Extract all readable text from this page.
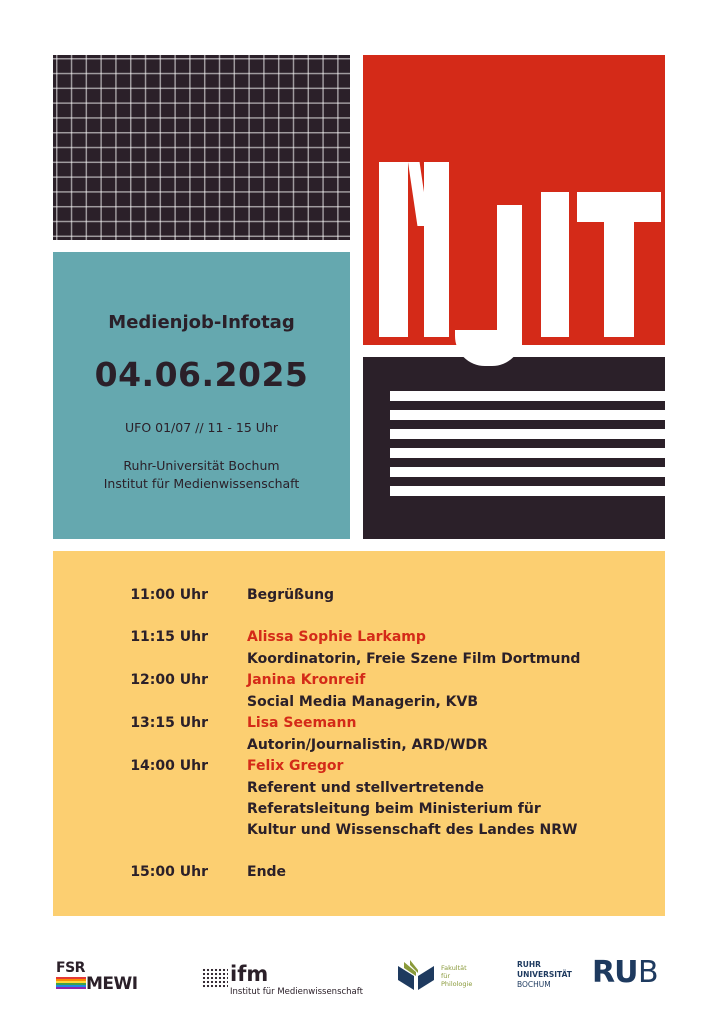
Medienjob-Infotag
04.06.2025
UFO 01/07 // 11 - 15 Uhr
Ruhr-Universität Bochum
Institut für Medienwissenschaft
11:00 Uhr	Begrüßung
11:15 Uhr	Alissa Sophie Larkamp
Koordinatorin, Freie Szene Film Dortmund
12:00 Uhr	Janina Kronreif
Social Media Managerin, KVB
13:15 Uhr	Lisa Seemann
Autorin/Journalistin, ARD/WDR
14:00 Uhr	Felix Gregor
Referent und stellvertretende
Referatsleitung beim Ministerium für
Kultur und Wissenschaft des Landes NRW
15:00 Uhr	Ende
FSR
MEWI	ifm
Institut für Medienwissenschaft
Fakultät
für
Philologie
RUHR
UNIVERSITÄT
BOCHUM RU B
